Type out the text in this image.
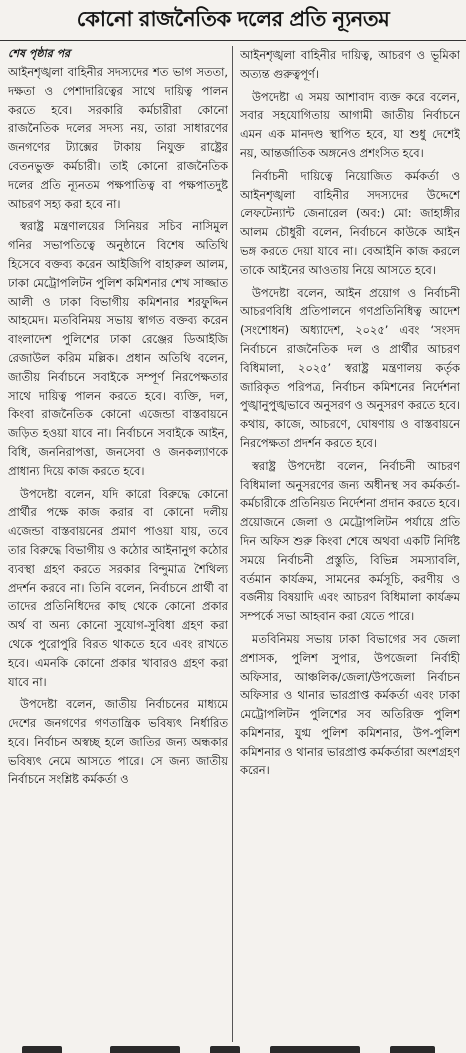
কোনো রাজনৈতিক দলের প্রতি ন্যূনতম
শেষ পৃষ্ঠার পর

আইনশৃঙ্খলা বাহিনীর সদস্যদের শত ভাগ সততা, দক্ষতা ও পেশাদারিত্বের সাথে দায়িত্ব পালন করতে হবে। সরকারি কর্মচারীরা কোনো রাজনৈতিক দলের সদস্য নয়, তারা সাধারণের জনগণের ট্যাক্সের টাকায় নিযুক্ত রাষ্ট্রের বেতনভুক্ত কর্মচারী। তাই কোনো রাজনৈতিক দলের প্রতি ন্যূনতম পক্ষপাতিত্ব বা পক্ষপাতদুষ্ট আচরণ সহ্য করা হবে না।

স্বরাষ্ট্র মন্ত্রণালয়ের সিনিয়র সচিব নাসিমুল গনির সভাপতিত্বে অনুষ্ঠানে বিশেষ অতিথি হিসেবে বক্তব্য করেন আইজিপি বাহারুল আলম, ঢাকা মেট্রোপলিটন পুলিশ কমিশনার শেখ সাজ্জাত আলী ও ঢাকা বিভাগীয় কমিশনার শরফুদ্দিন আহমেদ। মতবিনিময় সভায় স্বাগত বক্তব্য করেন বাংলাদেশ পুলিশের ঢাকা রেঞ্জের ডিআইজি রেজাউল করিম মল্লিক। প্রধান অতিথি বলেন, জাতীয় নির্বাচনে সবাইকে সম্পূর্ণ নিরপেক্ষতার সাথে দায়িত্ব পালন করতে হবে। ব্যক্তি, দল, কিংবা রাজনৈতিক কোনো এজেন্ডা বাস্তবায়নে জড়িত হওয়া যাবে না। নির্বাচনে সবাইকে আইন, বিধি, জননিরাপত্তা, জনসেবা ও জনকল্যাণকে প্রাধান্য দিয়ে কাজ করতে হবে।

উপদেষ্টা বলেন, যদি কারো বিরুদ্ধে কোনো প্রার্থীর পক্ষে কাজ করার বা কোনো দলীয় এজেন্ডা বাস্তবায়নের প্রমাণ পাওয়া যায়, তবে তার বিরুদ্ধে বিভাগীয় ও কঠোর আইনানুগ কঠোর ব্যবস্থা গ্রহণ করতে সরকার বিন্দুমাত্র শৈথিল্য প্রদর্শন করবে না। তিনি বলেন, নির্বাচনে প্রার্থী বা তাদের প্রতিনিধিদের কাছ থেকে কোনো প্রকার অর্থ বা অন্য কোনো সুযোগ-সুবিধা গ্রহণ করা থেকে পুরোপুরি বিরত থাকতে হবে এবং রাখতে হবে। এমনকি কোনো প্রকার খাবারও গ্রহণ করা যাবে না।

উপদেষ্টা বলেন, জাতীয় নির্বাচনের মাধ্যমে দেশের জনগণের গণতান্ত্রিক ভবিষ্যৎ নির্ধারিত হবে। নির্বাচন অস্বচ্ছ হলে জাতির জন্য অন্ধকার ভবিষ্যৎ নেমে আসতে পারে। সে জন্য জাতীয় নির্বাচনে সংশ্লিষ্ট কর্মকর্তা ও

আইনশৃঙ্খলা বাহিনীর দায়িত্ব, আচরণ ও ভূমিকা অত্যন্ত গুরুত্বপূর্ণ।

উপদেষ্টা এ সময় আশাবাদ ব্যক্ত করে বলেন, সবার সহযোগিতায় আগামী জাতীয় নির্বাচনে এমন এক মানদণ্ড স্থাপিত হবে, যা শুধু দেশেই নয়, আন্তর্জাতিক অঙ্গনেও প্রশংসিত হবে।

নির্বাচনী দায়িত্বে নিয়োজিত কর্মকর্তা ও আইনশৃঙ্খলা বাহিনীর সদস্যদের উদ্দেশে লেফটেন্যান্ট জেনারেল (অব:) মো: জাহাঙ্গীর আলম চৌধুরী বলেন, নির্বাচনে কাউকে আইন ভঙ্গ করতে দেয়া যাবে না। বেআইনি কাজ করলে তাকে আইনের আওতায় নিয়ে আসতে হবে।

উপদেষ্টা বলেন, আইন প্রয়োগ ও নির্বাচনী আচরণবিধি প্রতিপালনে গণপ্রতিনিধিত্ব আদেশ (সংশোধন) অধ্যাদেশ, ২০২৫’ এবং ‘সংসদ নির্বাচনে রাজনৈতিক দল ও প্রার্থীর আচরণ বিধিমালা, ২০২৫’ স্বরাষ্ট্র মন্ত্রণালয় কর্তৃক জারিকৃত পরিপত্র, নির্বাচন কমিশনের নির্দেশনা পুঙ্খানুপুঙ্খভাবে অনুসরণ ও অনুসরণ করতে হবে। কথায়, কাজে, আচরণে, ঘোষণায় ও বাস্তবায়নে নিরপেক্ষতা প্রদর্শন করতে হবে।

স্বরাষ্ট্র উপদেষ্টা বলেন, নির্বাচনী আচরণ বিধিমালা অনুসরণের জন্য অধীনস্থ সব কর্মকর্তা-কর্মচারীকে প্রতিনিয়ত নির্দেশনা প্রদান করতে হবে। প্রয়োজনে জেলা ও মেট্রোপলিটন পর্যায়ে প্রতি দিন অফিস শুরু কিংবা শেষে অথবা একটি নির্দিষ্ট সময়ে নির্বাচনী প্রস্তুতি, বিভিন্ন সমস্যাবলি, বর্তমান কার্যক্রম, সামনের কর্মসূচি, করণীয় ও বর্জনীয় বিষয়াদি এবং আচরণ বিধিমালা কার্যক্রম সম্পর্কে সভা আহবান করা যেতে পারে।

মতবিনিময় সভায় ঢাকা বিভাগের সব জেলা প্রশাসক, পুলিশ সুপার, উপজেলা নির্বাহী অফিসার, আঞ্চলিক/জেলা/উপজেলা নির্বাচন অফিসার ও থানার ভারপ্রাপ্ত কর্মকর্তা এবং ঢাকা মেট্রোপলিটন পুলিশের সব অতিরিক্ত পুলিশ কমিশনার, যুগ্ম পুলিশ কমিশনার, উপ-পুলিশ কমিশনার ও থানার ভারপ্রাপ্ত কর্মকর্তারা অংশগ্রহণ করেন।
